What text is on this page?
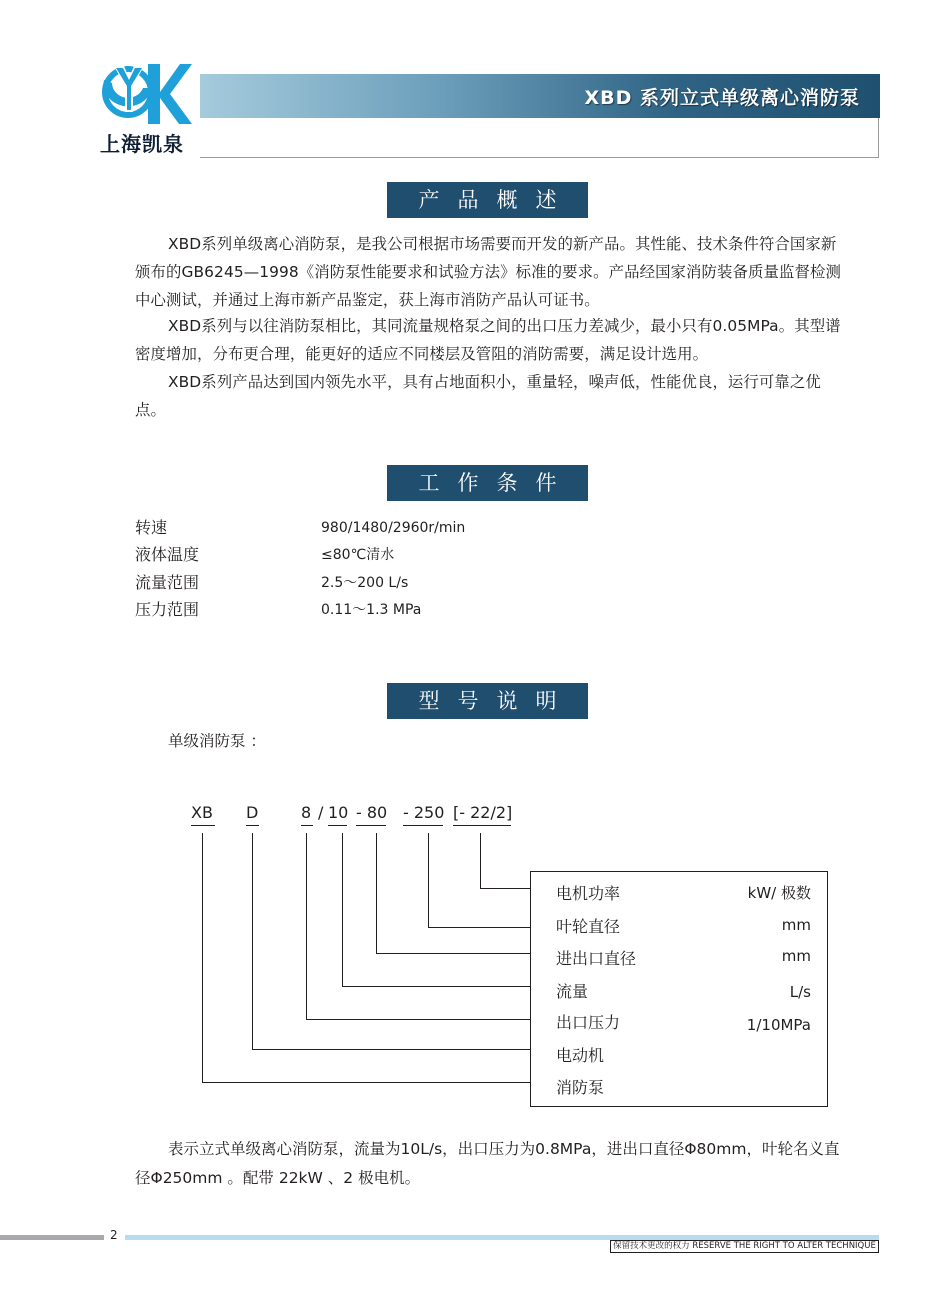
上海凯泉
XBD 系列立式单级离心消防泵
产品概述
XBD系列单级离心消防泵，是我公司根据市场需要而开发的新产品。其性能、技术条件符合国家新颁布的GB6245—1998《消防泵性能要求和试验方法》标准的要求。产品经国家消防装备质量监督检测中心测试，并通过上海市新产品鉴定，获上海市消防产品认可证书。
XBD系列与以往消防泵相比，其同流量规格泵之间的出口压力差减少，最小只有0.05MPa。其型谱密度增加，分布更合理，能更好的适应不同楼层及管阻的消防需要，满足设计选用。
XBD系列产品达到国内领先水平，具有占地面积小，重量轻，噪声低，性能优良，运行可靠之优点。
工作条件
转速	980/1480/2960r/min
液体温度	≤80℃清水
流量范围	2.5～200 L/s
压力范围	0.11～1.3 MPa
型号说明
单级消防泵 ：
XB D	8 / 10 - 80 - 250 [- 22/2]
电机功率	kW/ 极数
叶轮直径	mm
进出口直径	mm
流量	L/s
出口压力	1/10MPa
电动机
消防泵
表示立式单级离心消防泵，流量为10L/s，出口压力为0.8MPa，进出口直径Φ80mm，叶轮名义直径Φ250mm 。配带 22kW 、2 极电机。
2
保留技术更改的权力 RESERVE THE RIGHT TO ALTER TECHNIQUE
